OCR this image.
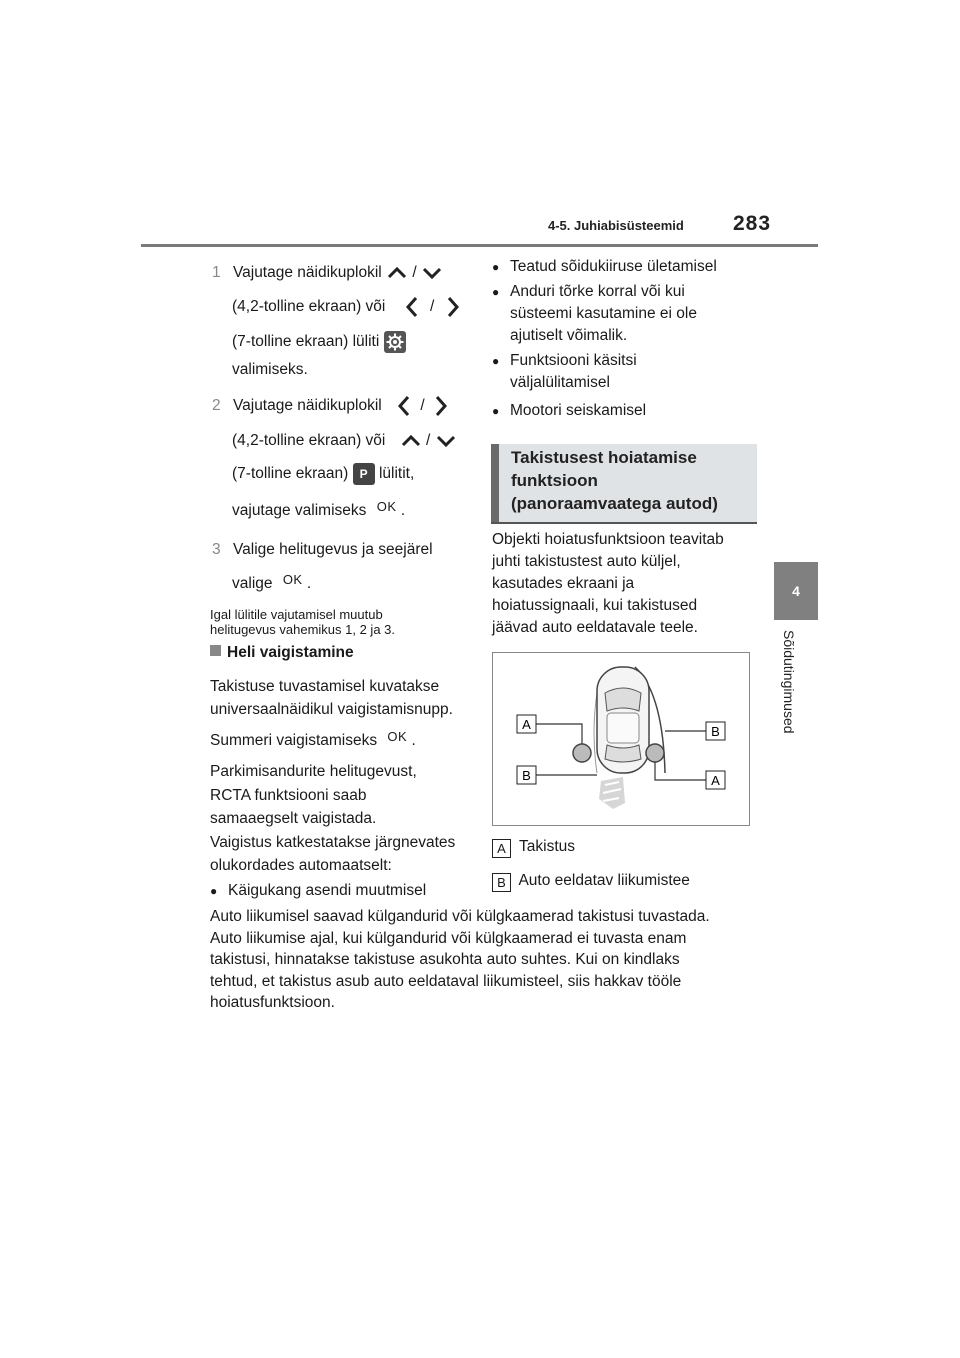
4-5. Juhiabisüsteemid 283
4
Sõidutingimused
1 Vajutage näidikuplokil /
(4,2-tolline ekraan) või	/
(7-tolline ekraan) lüliti
valimiseks.
2 Vajutage näidikuplokil /
(4,2-tolline ekraan) või	/
(7-tolline ekraan) P lülitit,
vajutage valimiseks $^{OK}$ .
3 Valige helitugevus ja seejärel
valige $^{OK}$ .
Igal lülitile vajutamisel muutub
helitugevus vahemikus 1, 2 ja 3.
Heli vaigistamine
Takistuse tuvastamisel kuvatakse
universaalnäidikul vaigistamisnupp.
Summeri vaigistamiseks $^{OK}$ .
Parkimisandurite helitugevust,
RCTA funktsiooni saab
samaaegselt vaigistada.
Vaigistus katkestatakse järgnevates
olukordades automaatselt:
● Käigukang asendi muutmisel
● Teatud sõidukiiruse ületamisel
● Anduri tõrke korral või kui
süsteemi kasutamine ei ole
ajutiselt võimalik.
● Funktsiooni käsitsi
väljalülitamisel
● Mootori seiskamisel
Takistusest hoiatamise
funktsioon
(panoraamvaatega autod)
Objekti hoiatusfunktsioon teavitab
juhti takistustest auto küljel,
kasutades ekraani ja
hoiatussignaali, kui takistused
jäävad auto eeldatavale teele.
A
B
B
A
A Takistus
B Auto eeldatav liikumistee
Auto liikumisel saavad külgandurid või külgkaamerad takistusi tuvastada.
Auto liikumise ajal, kui külgandurid või külgkaamerad ei tuvasta enam
takistusi, hinnatakse takistuse asukohta auto suhtes. Kui on kindlaks
tehtud, et takistus asub auto eeldataval liikumisteel, siis hakkav tööle
hoiatusfunktsioon.
